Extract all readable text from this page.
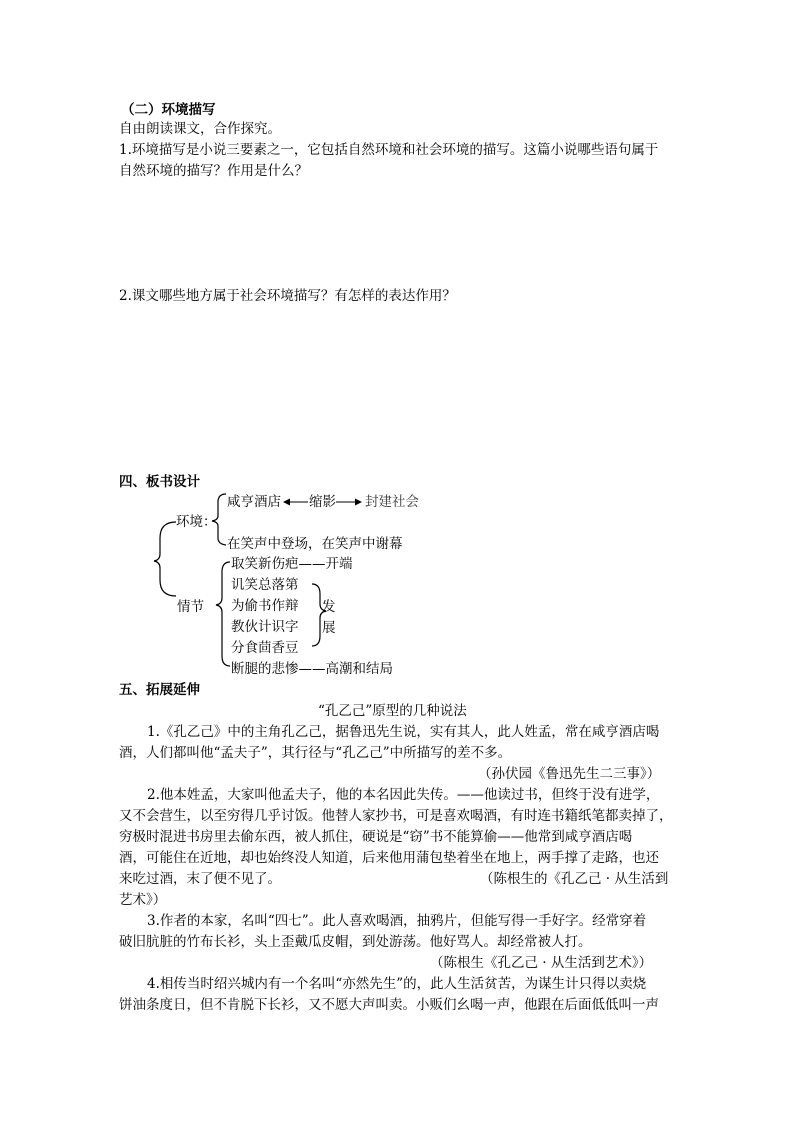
（二）环境描写
自由朗读课文，合作探究。
1.环境描写是小说三要素之一，它包括自然环境和社会环境的描写。这篇小说哪些语句属于
自然环境的描写？作用是什么？
2.课文哪些地方属于社会环境描写？有怎样的表达作用？
四、板书设计
咸亨酒店 缩影 封建社会
环境：
在笑声中登场，在笑声中谢幕
取笑新伤疤——开端
讥笑总落第
为偷书作辩
教伙计识字
分食茴香豆
情节	发
展
断腿的悲惨——高潮和结局
五、拓展延伸
“孔乙己”原型的几种说法
1.《孔乙己》中的主角孔乙己，据鲁迅先生说，实有其人，此人姓孟，常在咸亨酒店喝
酒，人们都叫他“孟夫子”，其行径与“孔乙己”中所描写的差不多。
（孙伏园《鲁迅先生二三事》）
2.他本姓孟，大家叫他孟夫子，他的本名因此失传。——他读过书，但终于没有进学，
又不会营生，以至穷得几乎讨饭。他替人家抄书，可是喜欢喝酒，有时连书籍纸笔都卖掉了，
穷极时混进书房里去偷东西，被人抓住，硬说是“窃”书不能算偷——他常到咸亨酒店喝
酒，可能住在近地，却也始终没人知道，后来他用蒲包垫着坐在地上，两手撑了走路，也还
来吃过酒，末了便不见了。	（陈根生的《孔乙己 · 从生活到
艺术》）
3.作者的本家，名叫“四七”。此人喜欢喝酒，抽鸦片，但能写得一手好字。经常穿着
破旧肮脏的竹布长衫，头上歪戴瓜皮帽，到处游荡。他好骂人。却经常被人打。
（陈根生《孔乙己 · 从生活到艺术》）
4.相传当时绍兴城内有一个名叫“亦然先生”的，此人生活贫苦，为谋生计只得以卖烧
饼油条度日，但不肯脱下长衫，又不愿大声叫卖。小贩们幺喝一声，他跟在后面低低叫一声
